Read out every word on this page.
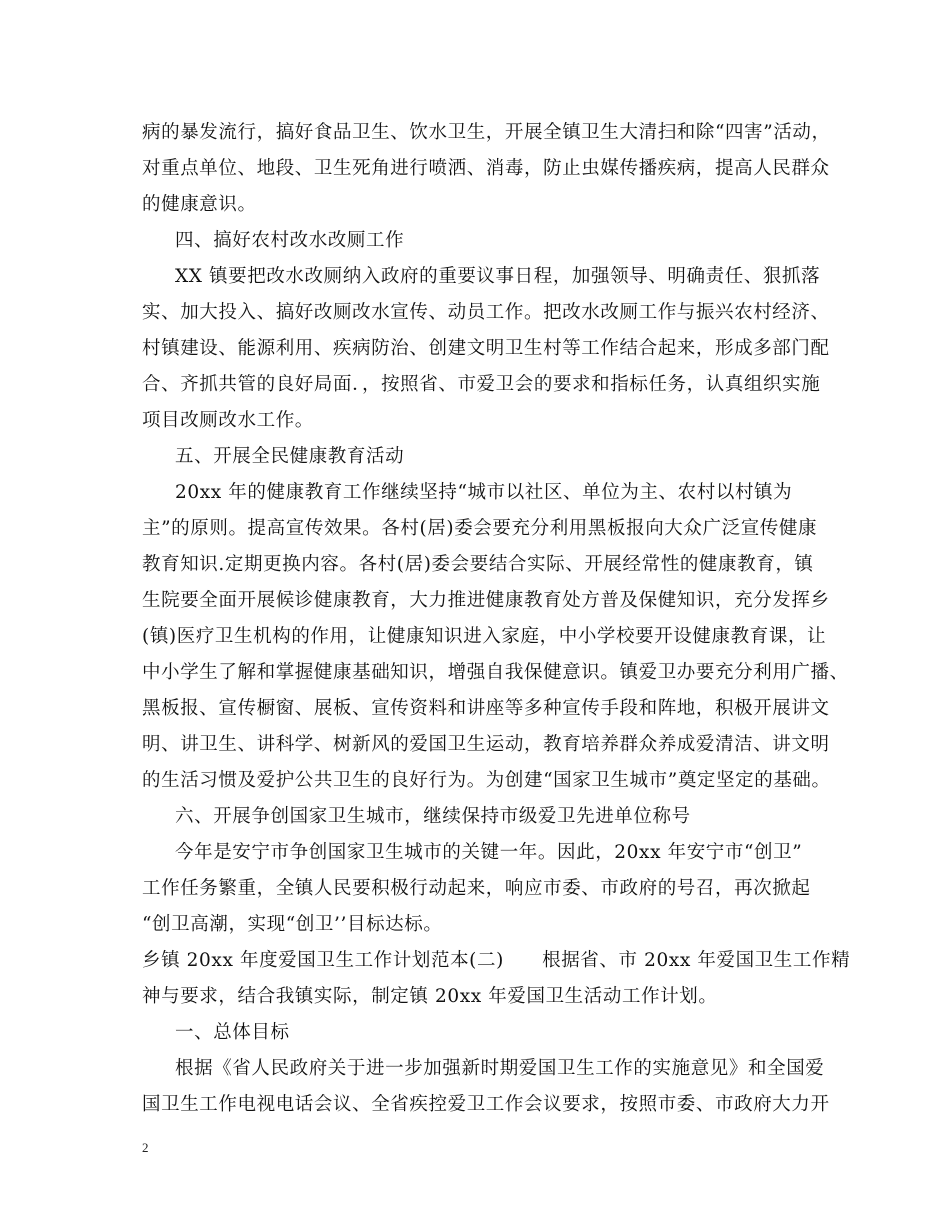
病的暴发流行，搞好食品卫生、饮水卫生，开展全镇卫生大清扫和除“四害”活动，
对重点单位、地段、卫生死角进行喷洒、消毒，防止虫媒传播疾病，提高人民群众
的健康意识。
四、搞好农村改水改厕工作
XX 镇要把改水改厕纳入政府的重要议事日程，加强领导、明确责任、狠抓落
实、加大投入、搞好改厕改水宣传、动员工作。把改水改厕工作与振兴农村经济、
村镇建设、能源利用、疾病防治、创建文明卫生村等工作结合起来，形成多部门配
合、齐抓共管的良好局面．，按照省、市爱卫会的要求和指标任务，认真组织实施
项目改厕改水工作。
五、开展全民健康教育活动
20xx 年的健康教育工作继续坚持“城市以社区、单位为主、农村以村镇为
主”的原则。提高宣传效果。各村(居)委会要充分利用黑板报向大众广泛宣传健康
教育知识.定期更换内容。各村(居)委会要结合实际、开展经常性的健康教育，镇
生院要全面开展候诊健康教育，大力推进健康教育处方普及保健知识，充分发挥乡
(镇)医疗卫生机构的作用，让健康知识进入家庭，中小学校要开设健康教育课，让
中小学生了解和掌握健康基础知识，增强自我保健意识。镇爱卫办要充分利用广播、
黑板报、宣传橱窗、展板、宣传资料和讲座等多种宣传手段和阵地，积极开展讲文
明、讲卫生、讲科学、树新风的爱国卫生运动，教育培养群众养成爱清洁、讲文明
的生活习惯及爱护公共卫生的良好行为。为创建“国家卫生城市”奠定坚定的基础。
六、开展争创国家卫生城市，继续保持市级爱卫先进单位称号
今年是安宁市争创国家卫生城市的关键一年。因此，20xx 年安宁市“创卫”
工作任务繁重，全镇人民要积极行动起来，响应市委、市政府的号召，再次掀起
“创卫高潮，实现“创卫’’目标达标。
乡镇 20xx 年度爱国卫生工作计划范本(二)　　根据省、市 20xx 年爱国卫生工作精
神与要求，结合我镇实际，制定镇 20xx 年爱国卫生活动工作计划。
一、总体目标
根据《省人民政府关于进一步加强新时期爱国卫生工作的实施意见》和全国爱
国卫生工作电视电话会议、全省疾控爱卫工作会议要求，按照市委、市政府大力开
2
